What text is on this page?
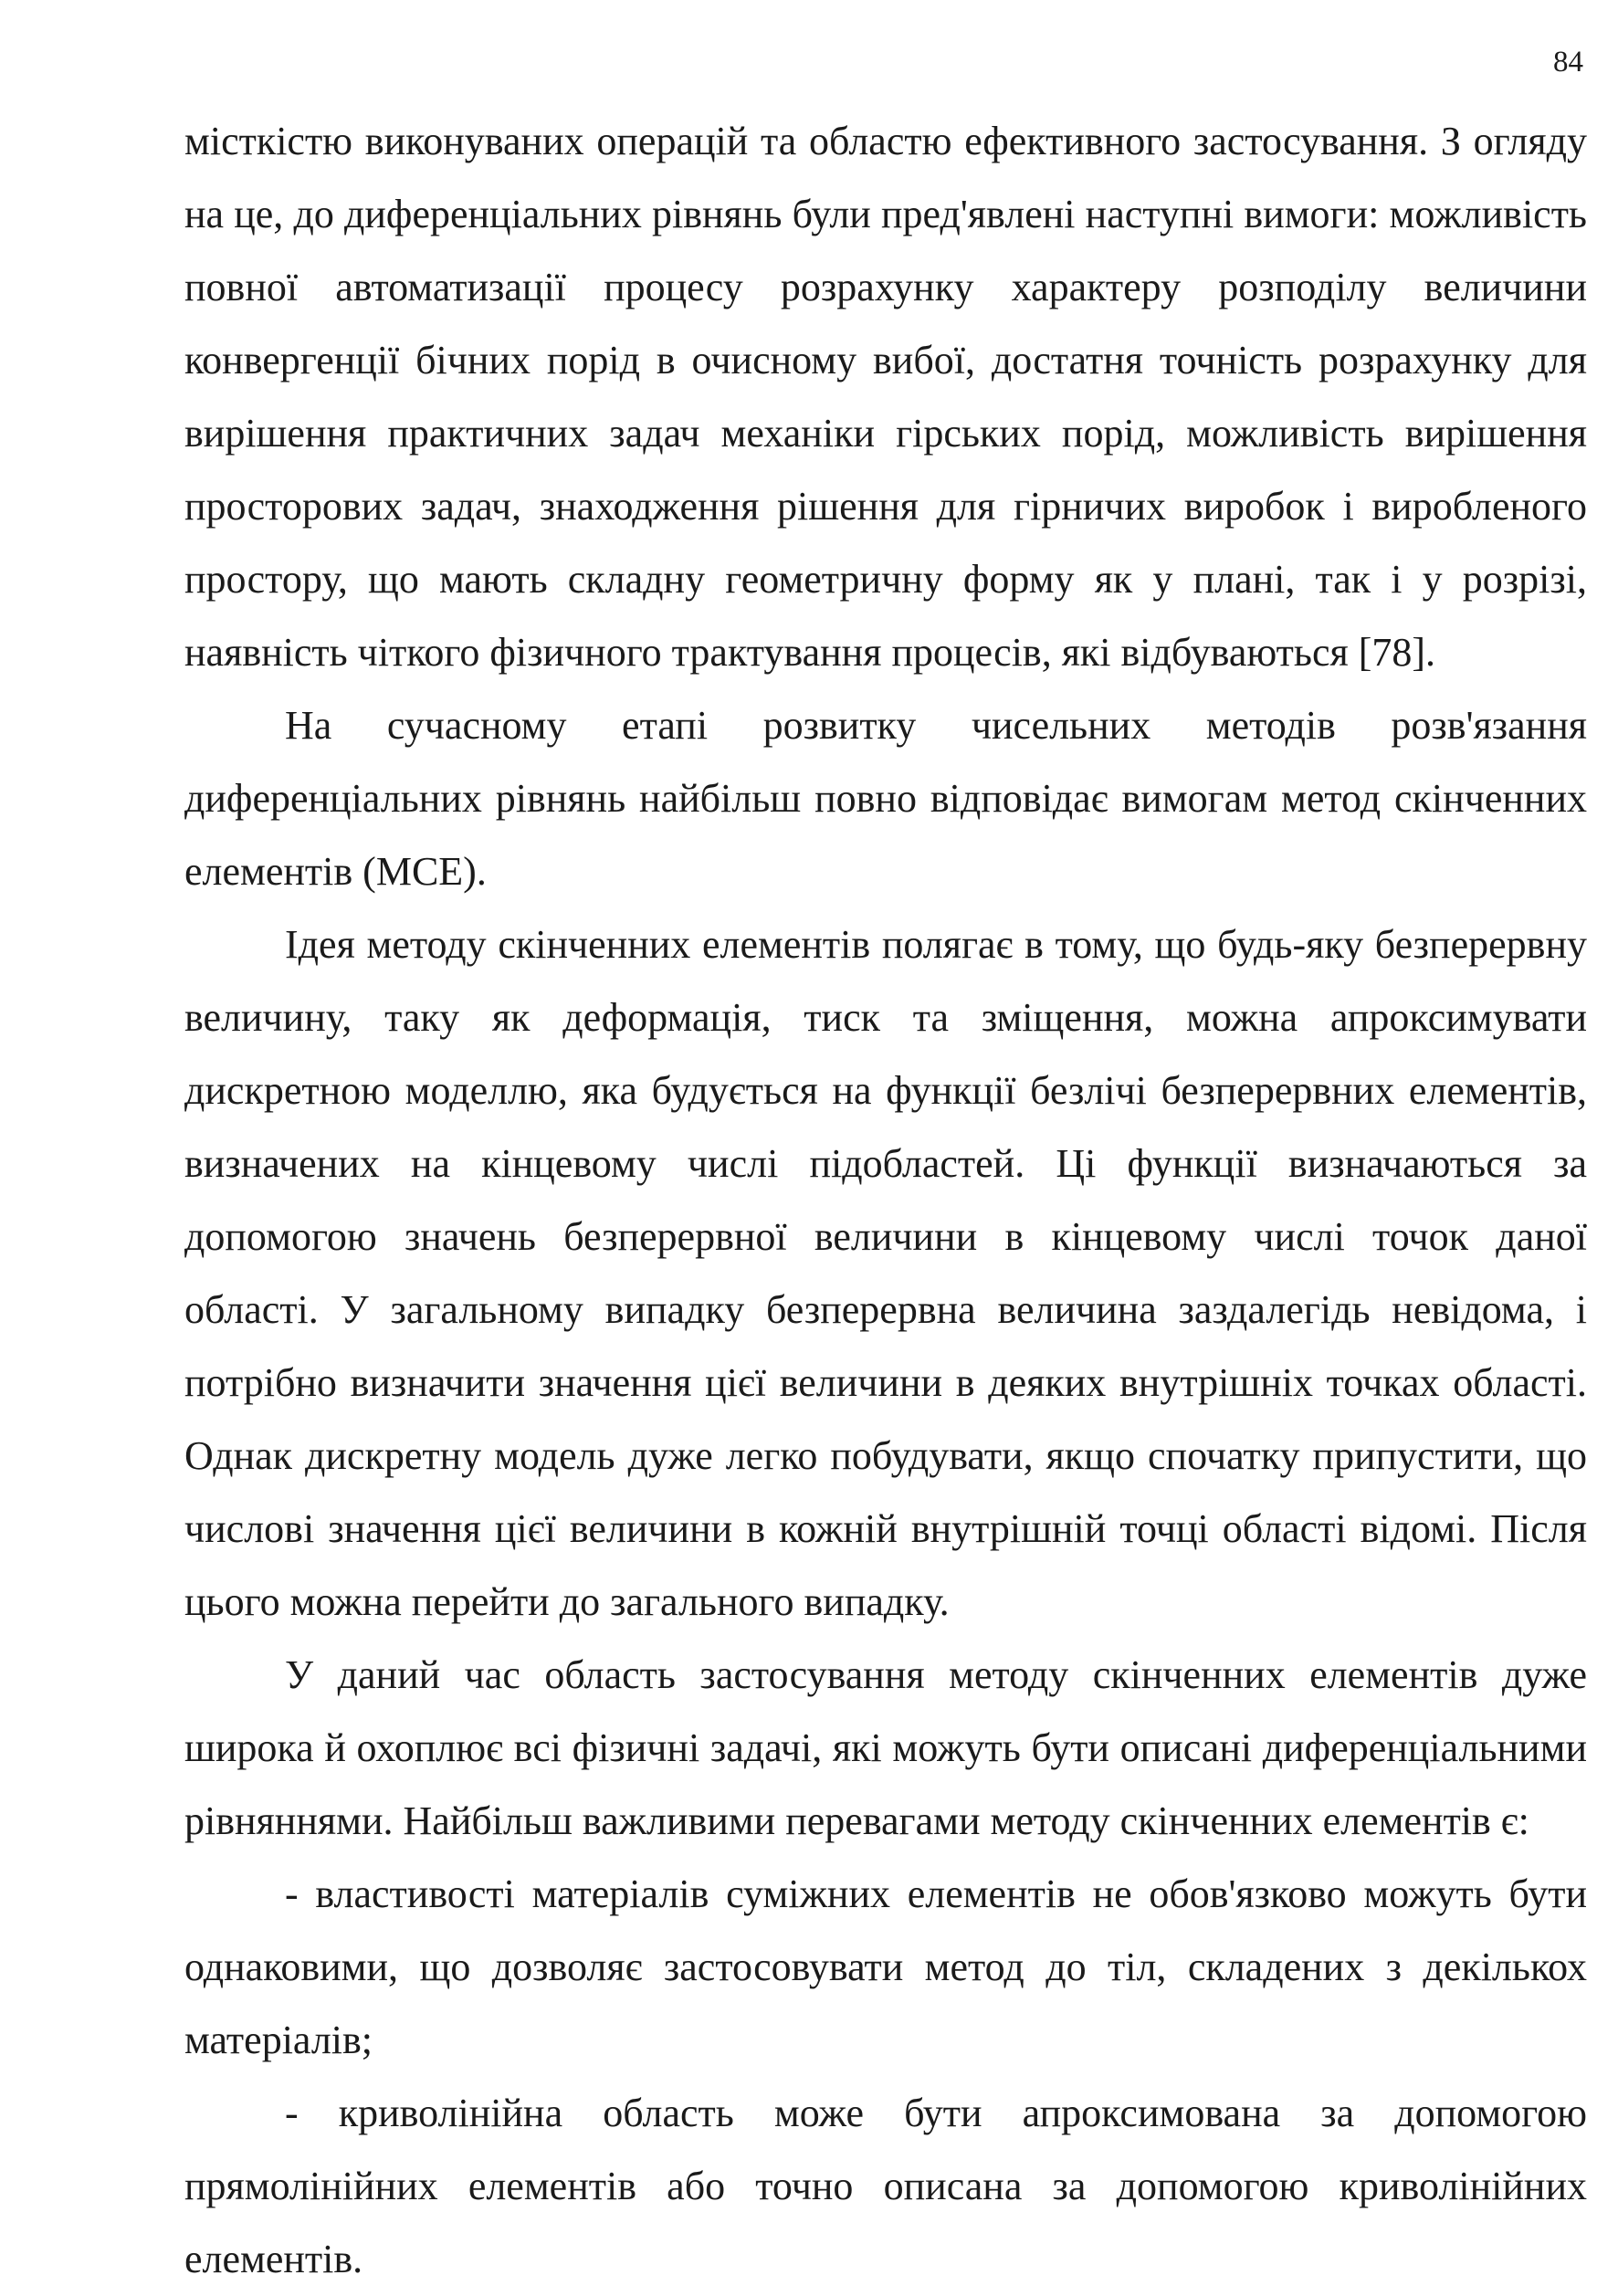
84

місткістю виконуваних операцій та областю ефективного застосування. З огляду на це, до диференціальних рівнянь були пред'явлені наступні вимоги: можливість повної автоматизації процесу розрахунку характеру розподілу величини конвергенції бічних порід в очисному вибої, достатня точність розрахунку для вирішення практичних задач механіки гірських порід, можливість вирішення просторових задач, знаходження рішення для гірничих виробок і виробленого простору, що мають складну геометричну форму як у плані, так і у розрізі, наявність чіткого фізичного трактування процесів, які відбуваються [78].

На сучасному етапі розвитку чисельних методів розв'язання диференціальних рівнянь найбільш повно відповідає вимогам метод скінченних елементів (МСЕ).

Ідея методу скінченних елементів полягає в тому, що будь-яку безперервну величину, таку як деформація, тиск та зміщення, можна апроксимувати дискретною моделлю, яка будується на функції безлічі безперервних елементів, визначених на кінцевому числі підобластей. Ці функції визначаються за допомогою значень безперервної величини в кінцевому числі точок даної області. У загальному випадку безперервна величина заздалегідь невідома, і потрібно визначити значення цієї величини в деяких внутрішніх точках області. Однак дискретну модель дуже легко побудувати, якщо спочатку припустити, що числові значення цієї величини в кожній внутрішній точці області відомі. Після цього можна перейти до загального випадку.

У даний час область застосування методу скінченних елементів дуже широка й охоплює всі фізичні задачі, які можуть бути описані диференціальними рівняннями. Найбільш важливими перевагами методу скінченних елементів є:

- властивості матеріалів суміжних елементів не обов'язково можуть бути однаковими, що дозволяє застосовувати метод до тіл, складених з декількох матеріалів;

- криволінійна область може бути апроксимована за допомогою прямолінійних елементів або точно описана за допомогою криволінійних елементів.
